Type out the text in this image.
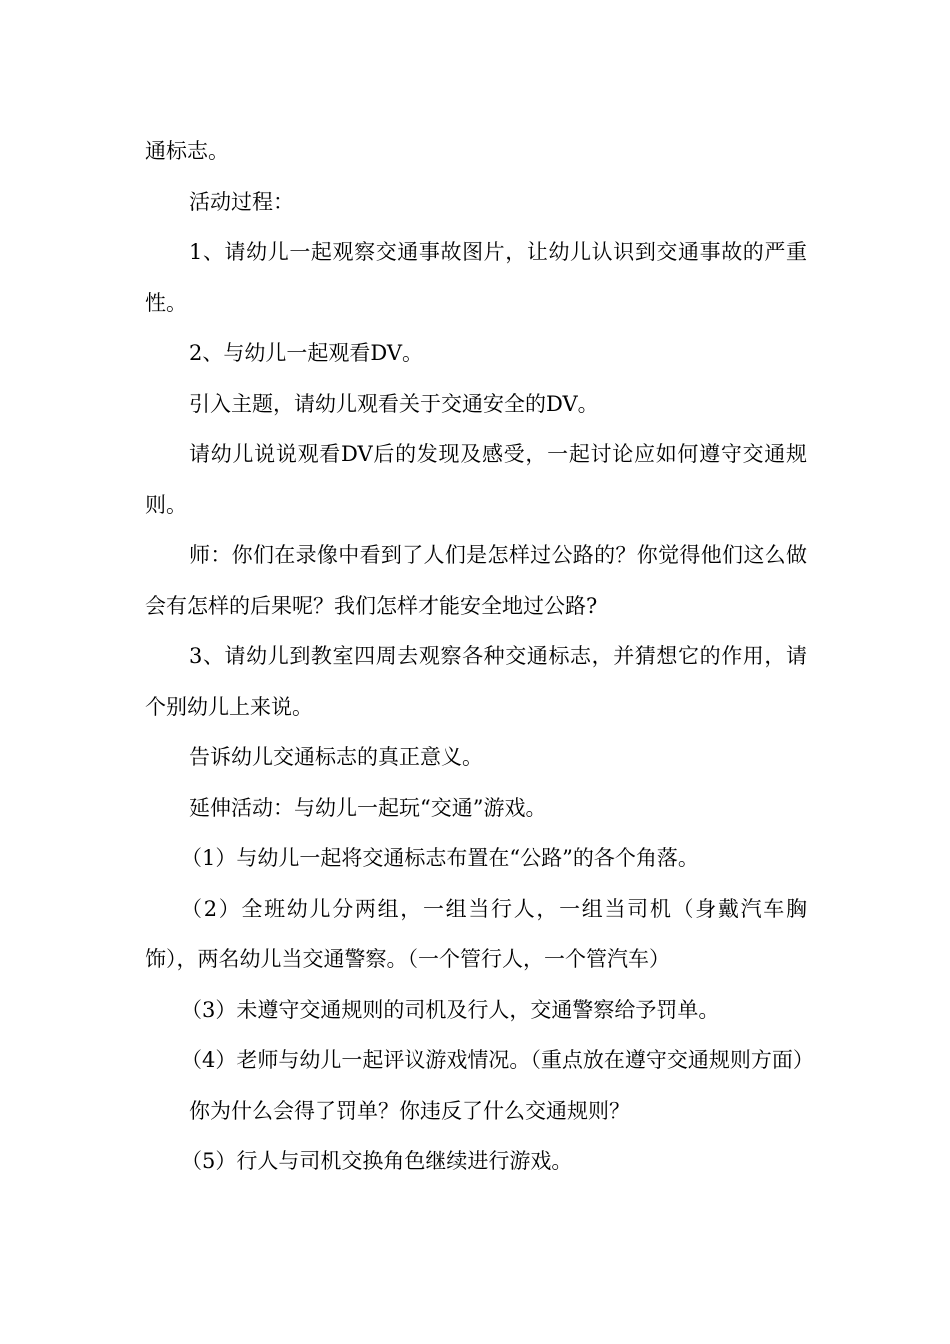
通标志。

活动过程：

1、请幼儿一起观察交通事故图片，让幼儿认识到交通事故的严重性。

2、与幼儿一起观看DV。

引入主题，请幼儿观看关于交通安全的DV。

请幼儿说说观看DV后的发现及感受，一起讨论应如何遵守交通规则。

师：你们在录像中看到了人们是怎样过公路的？你觉得他们这么做会有怎样的后果呢？我们怎样才能安全地过公路?

3、请幼儿到教室四周去观察各种交通标志，并猜想它的作用，请个别幼儿上来说。

告诉幼儿交通标志的真正意义。

延伸活动：与幼儿一起玩“交通”游戏。

（1）与幼儿一起将交通标志布置在“公路”的各个角落。

（2）全班幼儿分两组，一组当行人，一组当司机（身戴汽车胸饰），两名幼儿当交通警察。（一个管行人，一个管汽车）

（3）未遵守交通规则的司机及行人，交通警察给予罚单。

（4）老师与幼儿一起评议游戏情况。（重点放在遵守交通规则方面）

你为什么会得了罚单？你违反了什么交通规则？

（5）行人与司机交换角色继续进行游戏。
